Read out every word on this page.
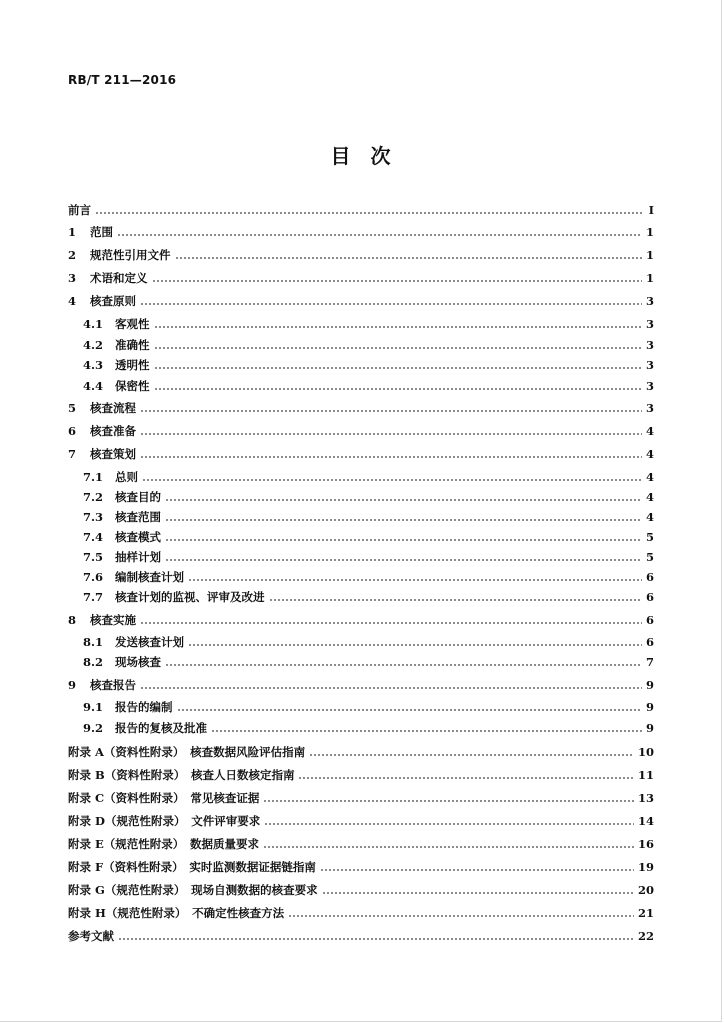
RB/T 211—2016
目　次
前言	I
1	范围	1
2	规范性引用文件	1
3	术语和定义	1
4	核查原则	3
4.1	客观性	3
4.2	准确性	3
4.3	透明性	3
4.4	保密性	3
5	核查流程	3
6	核查准备	4
7	核查策划	4
7.1	总则	4
7.2	核查目的	4
7.3	核查范围	4
7.4	核查模式	5
7.5	抽样计划	5
7.6	编制核查计划	6
7.7	核查计划的监视、评审及改进	6
8	核查实施	6
8.1	发送核查计划	6
8.2	现场核查	7
9	核查报告	9
9.1	报告的编制	9
9.2	报告的复核及批准	9
附录 A（资料性附录）　核查数据风险评估指南	10
附录 B（资料性附录）　核查人日数核定指南	11
附录 C（资料性附录）　常见核查证据	13
附录 D（规范性附录）　文件评审要求	14
附录 E（规范性附录）　数据质量要求	16
附录 F（资料性附录）　实时监测数据证据链指南	19
附录 G（规范性附录）　现场自测数据的核查要求	20
附录 H（规范性附录）　不确定性核查方法	21
参考文献	22
